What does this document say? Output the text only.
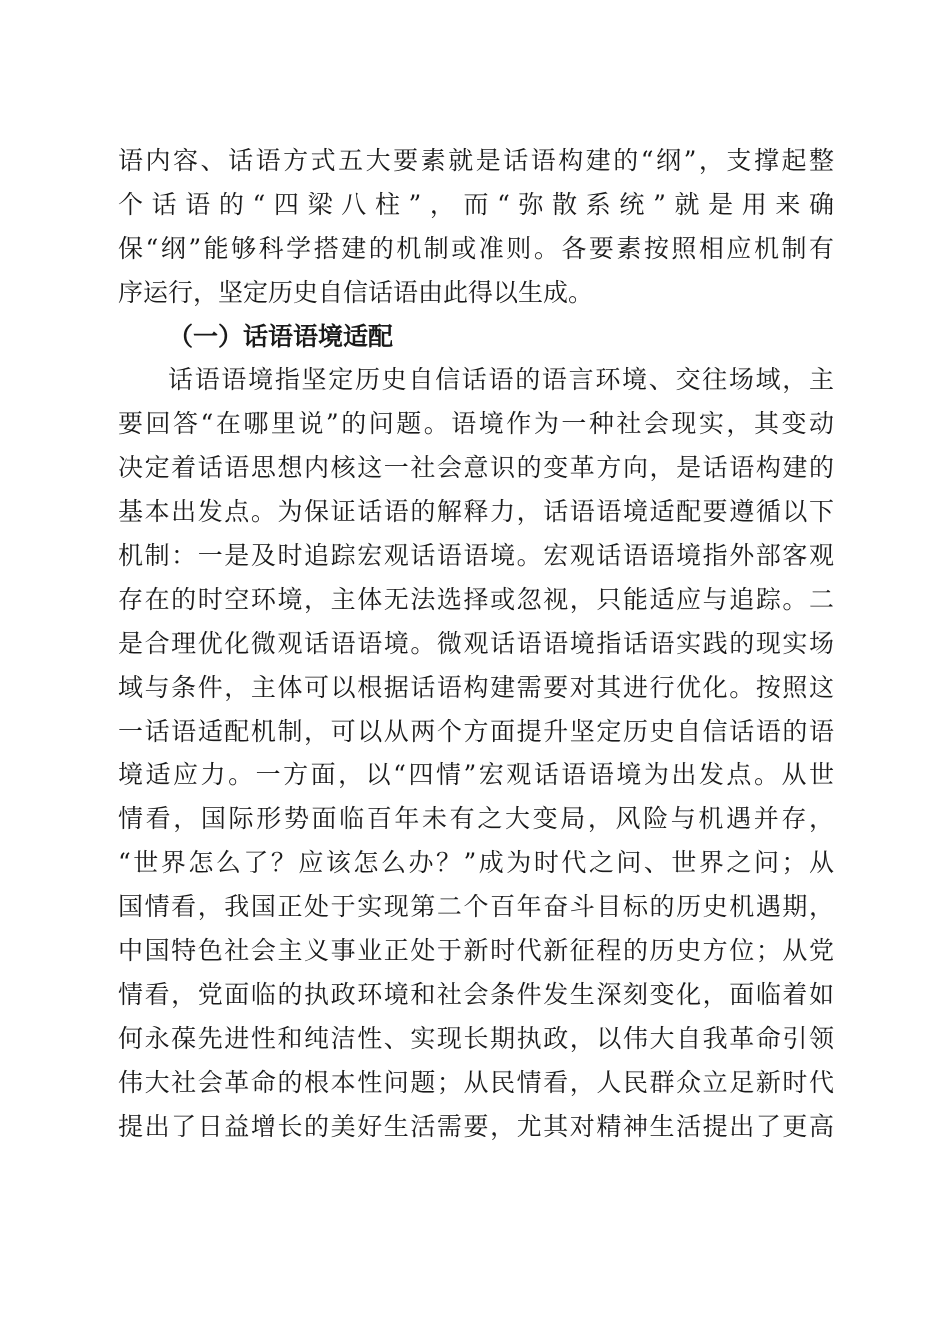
语内容、话语方式五大要素就是话语构建的“纲”，支撑起整
个话语的“四梁八柱”，而“弥散系统”就是用来确
保“纲”能够科学搭建的机制或准则。各要素按照相应机制有
序运行，坚定历史自信话语由此得以生成。
（一）话语语境适配
话语语境指坚定历史自信话语的语言环境、交往场域，主
要回答“在哪里说”的问题。语境作为一种社会现实，其变动
决定着话语思想内核这一社会意识的变革方向，是话语构建的
基本出发点。为保证话语的解释力，话语语境适配要遵循以下
机制：一是及时追踪宏观话语语境。宏观话语语境指外部客观
存在的时空环境，主体无法选择或忽视，只能适应与追踪。二
是合理优化微观话语语境。微观话语语境指话语实践的现实场
域与条件，主体可以根据话语构建需要对其进行优化。按照这
一话语适配机制，可以从两个方面提升坚定历史自信话语的语
境适应力。一方面，以“四情”宏观话语语境为出发点。从世
情看，国际形势面临百年未有之大变局，风险与机遇并存，
“世界怎么了？应该怎么办？”成为时代之问、世界之问；从
国情看，我国正处于实现第二个百年奋斗目标的历史机遇期，
中国特色社会主义事业正处于新时代新征程的历史方位；从党
情看，党面临的执政环境和社会条件发生深刻变化，面临着如
何永葆先进性和纯洁性、实现长期执政，以伟大自我革命引领
伟大社会革命的根本性问题；从民情看，人民群众立足新时代
提出了日益增长的美好生活需要，尤其对精神生活提出了更高
